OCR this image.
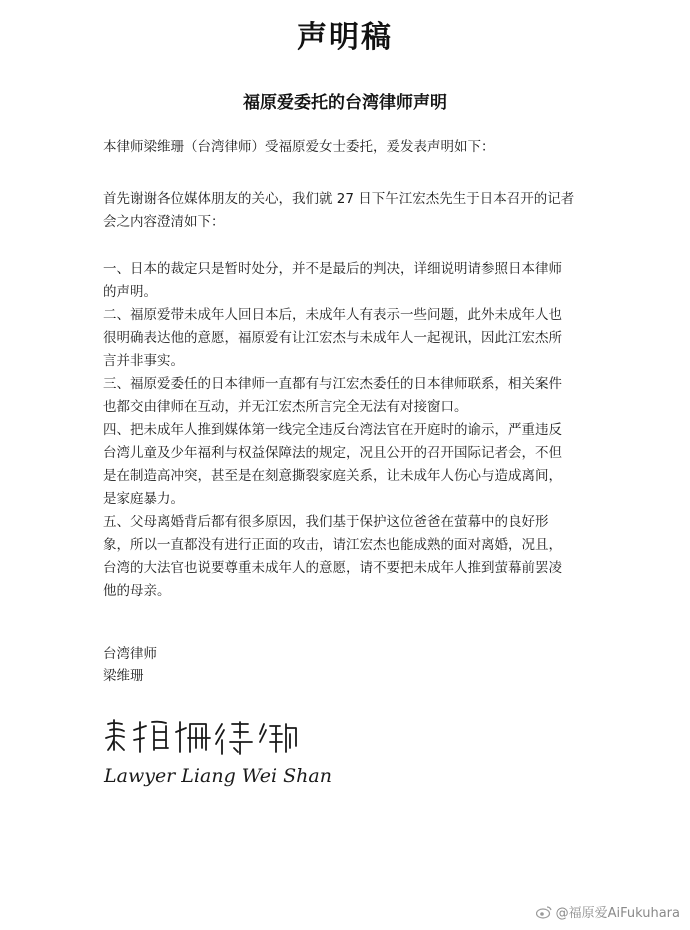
声明稿
福原爱委托的台湾律师声明

本律师梁维珊（台湾律师）受福原爱女士委托，爰发表声明如下：

首先谢谢各位媒体朋友的关心，我们就 27 日下午江宏杰先生于日本召开的记者

会之内容澄清如下：

一、日本的裁定只是暂时处分，并不是最后的判决，详细说明请参照日本律师

的声明。

二、福原爱带未成年人回日本后，未成年人有表示一些问题，此外未成年人也

很明确表达他的意愿，福原爱有让江宏杰与未成年人一起视讯，因此江宏杰所

言并非事实。

三、福原爱委任的日本律师一直都有与江宏杰委任的日本律师联系，相关案件

也都交由律师在互动，并无江宏杰所言完全无法有对接窗口。

四、把未成年人推到媒体第一线完全违反台湾法官在开庭时的谕示，严重违反

台湾儿童及少年福利与权益保障法的规定，况且公开的召开国际记者会，不但

是在制造高冲突，甚至是在刻意撕裂家庭关系，让未成年人伤心与造成离间，

是家庭暴力。

五、父母离婚背后都有很多原因，我们基于保护这位爸爸在萤幕中的良好形

象，所以一直都没有进行正面的攻击，请江宏杰也能成熟的面对离婚，况且，

台湾的大法官也说要尊重未成年人的意愿，请不要把未成年人推到萤幕前罢凌

他的母亲。

台湾律师
梁维珊
Lawyer Liang Wei Shan
@福原爱AiFukuhara
